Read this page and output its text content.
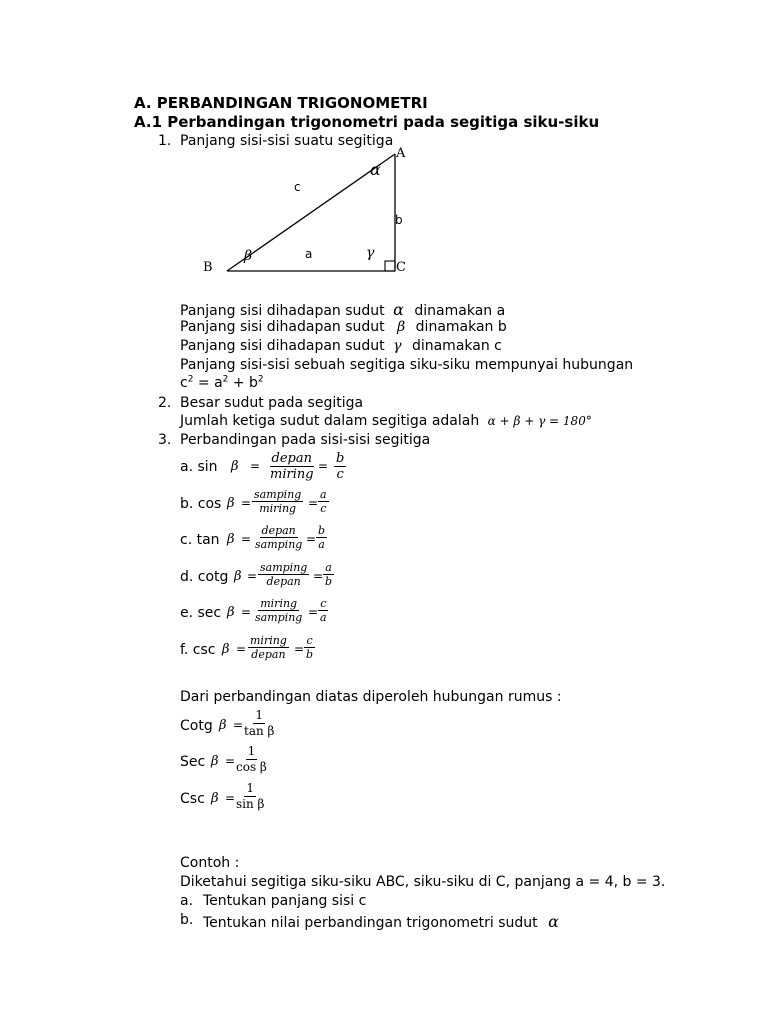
A. PERBANDINGAN TRIGONOMETRI
A.1 Perbandingan trigonometri pada segitiga siku-siku
1. Panjang sisi-sisi suatu segitiga
A
B	C
c
b
a
α
β	γ
Panjang sisi dihadapan sudut α dinamakan a
Panjang sisi dihadapan sudut β dinamakan b
Panjang sisi dihadapan sudut γ dinamakan c
Panjang sisi-sisi sebuah segitiga siku-siku mempunyai hubungan
$c^2 = a^2 + b^2$
2. Besar sudut pada segitiga
Jumlah ketiga sudut dalam segitiga adalah α + β + γ = 180°
3. Perbandingan pada sisi-sisi segitiga
a. sin β = depan
miring
= $\frac{b}{c}$
b. cos β =
samping
miring = $\frac{a}{c}$
c. tan β =
depan
samping = $\frac{b}{a}$
d. cotg β =
samping
depan = $\frac{a}{b}$
e. sec β =
miring
samping = $\frac{c}{a}$
f. csc β =
miring
depan = $\frac{c}{b}$
Dari perbandingan diatas diperoleh hubungan rumus :
Cotg β =
$\frac{1}{\text{tan β}}$
Sec β =
$\frac{1}{\text{cos β}}$
Csc β =
$\frac{1}{\text{sin β}}$
Contoh :
Diketahui segitiga siku-siku ABC, siku-siku di C, panjang a = 4, b = 3.
a. Tentukan panjang sisi c
b. Tentukan nilai perbandingan trigonometri sudut α
